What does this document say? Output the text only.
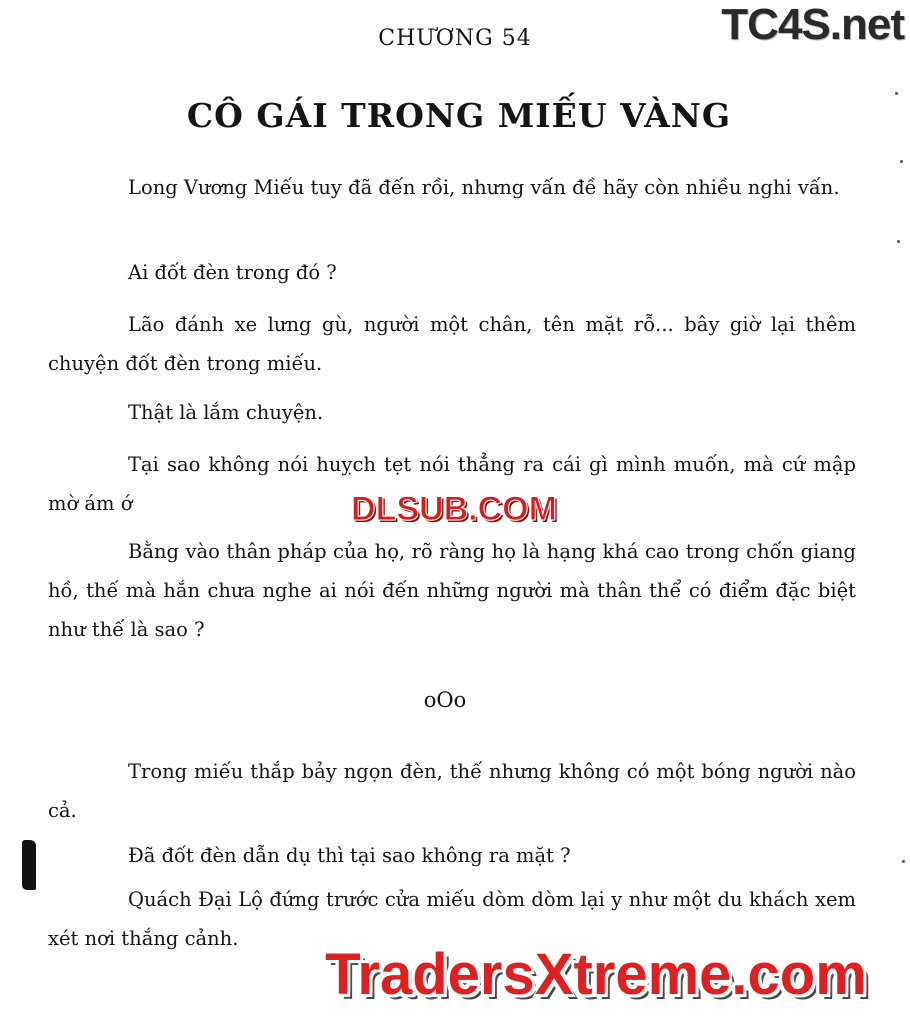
CHƯƠNG 54
CÔ GÁI TRONG MIẾU VÀNG

Long Vương Miếu tuy đã đến rồi, nhưng vấn đề hãy còn nhiều nghi vấn.

Ai đốt đèn trong đó ?

Lão đánh xe lưng gù, người một chân, tên mặt rỗ... bây giờ lại thêm chuyện đốt đèn trong miếu.

Thật là lắm chuyện.

Tại sao không nói huỵch tẹt nói thẳng ra cái gì mình muốn, mà cứ mập mờ ám ớ

Bằng vào thân pháp của họ, rõ ràng họ là hạng khá cao trong chốn giang hồ, thế mà hắn chưa nghe ai nói đến những người mà thân thể có điểm đặc biệt như thế là sao ?

oOo

Trong miếu thắp bảy ngọn đèn, thế nhưng không có một bóng người nào cả.

Đã đốt đèn dẫn dụ thì tại sao không ra mặt ?

Quách Đại Lộ đứng trước cửa miếu dòm dòm lại y như một du khách xem xét nơi thắng cảnh.

TC4S.net
DLSUB.COM
TradersXtreme.com
